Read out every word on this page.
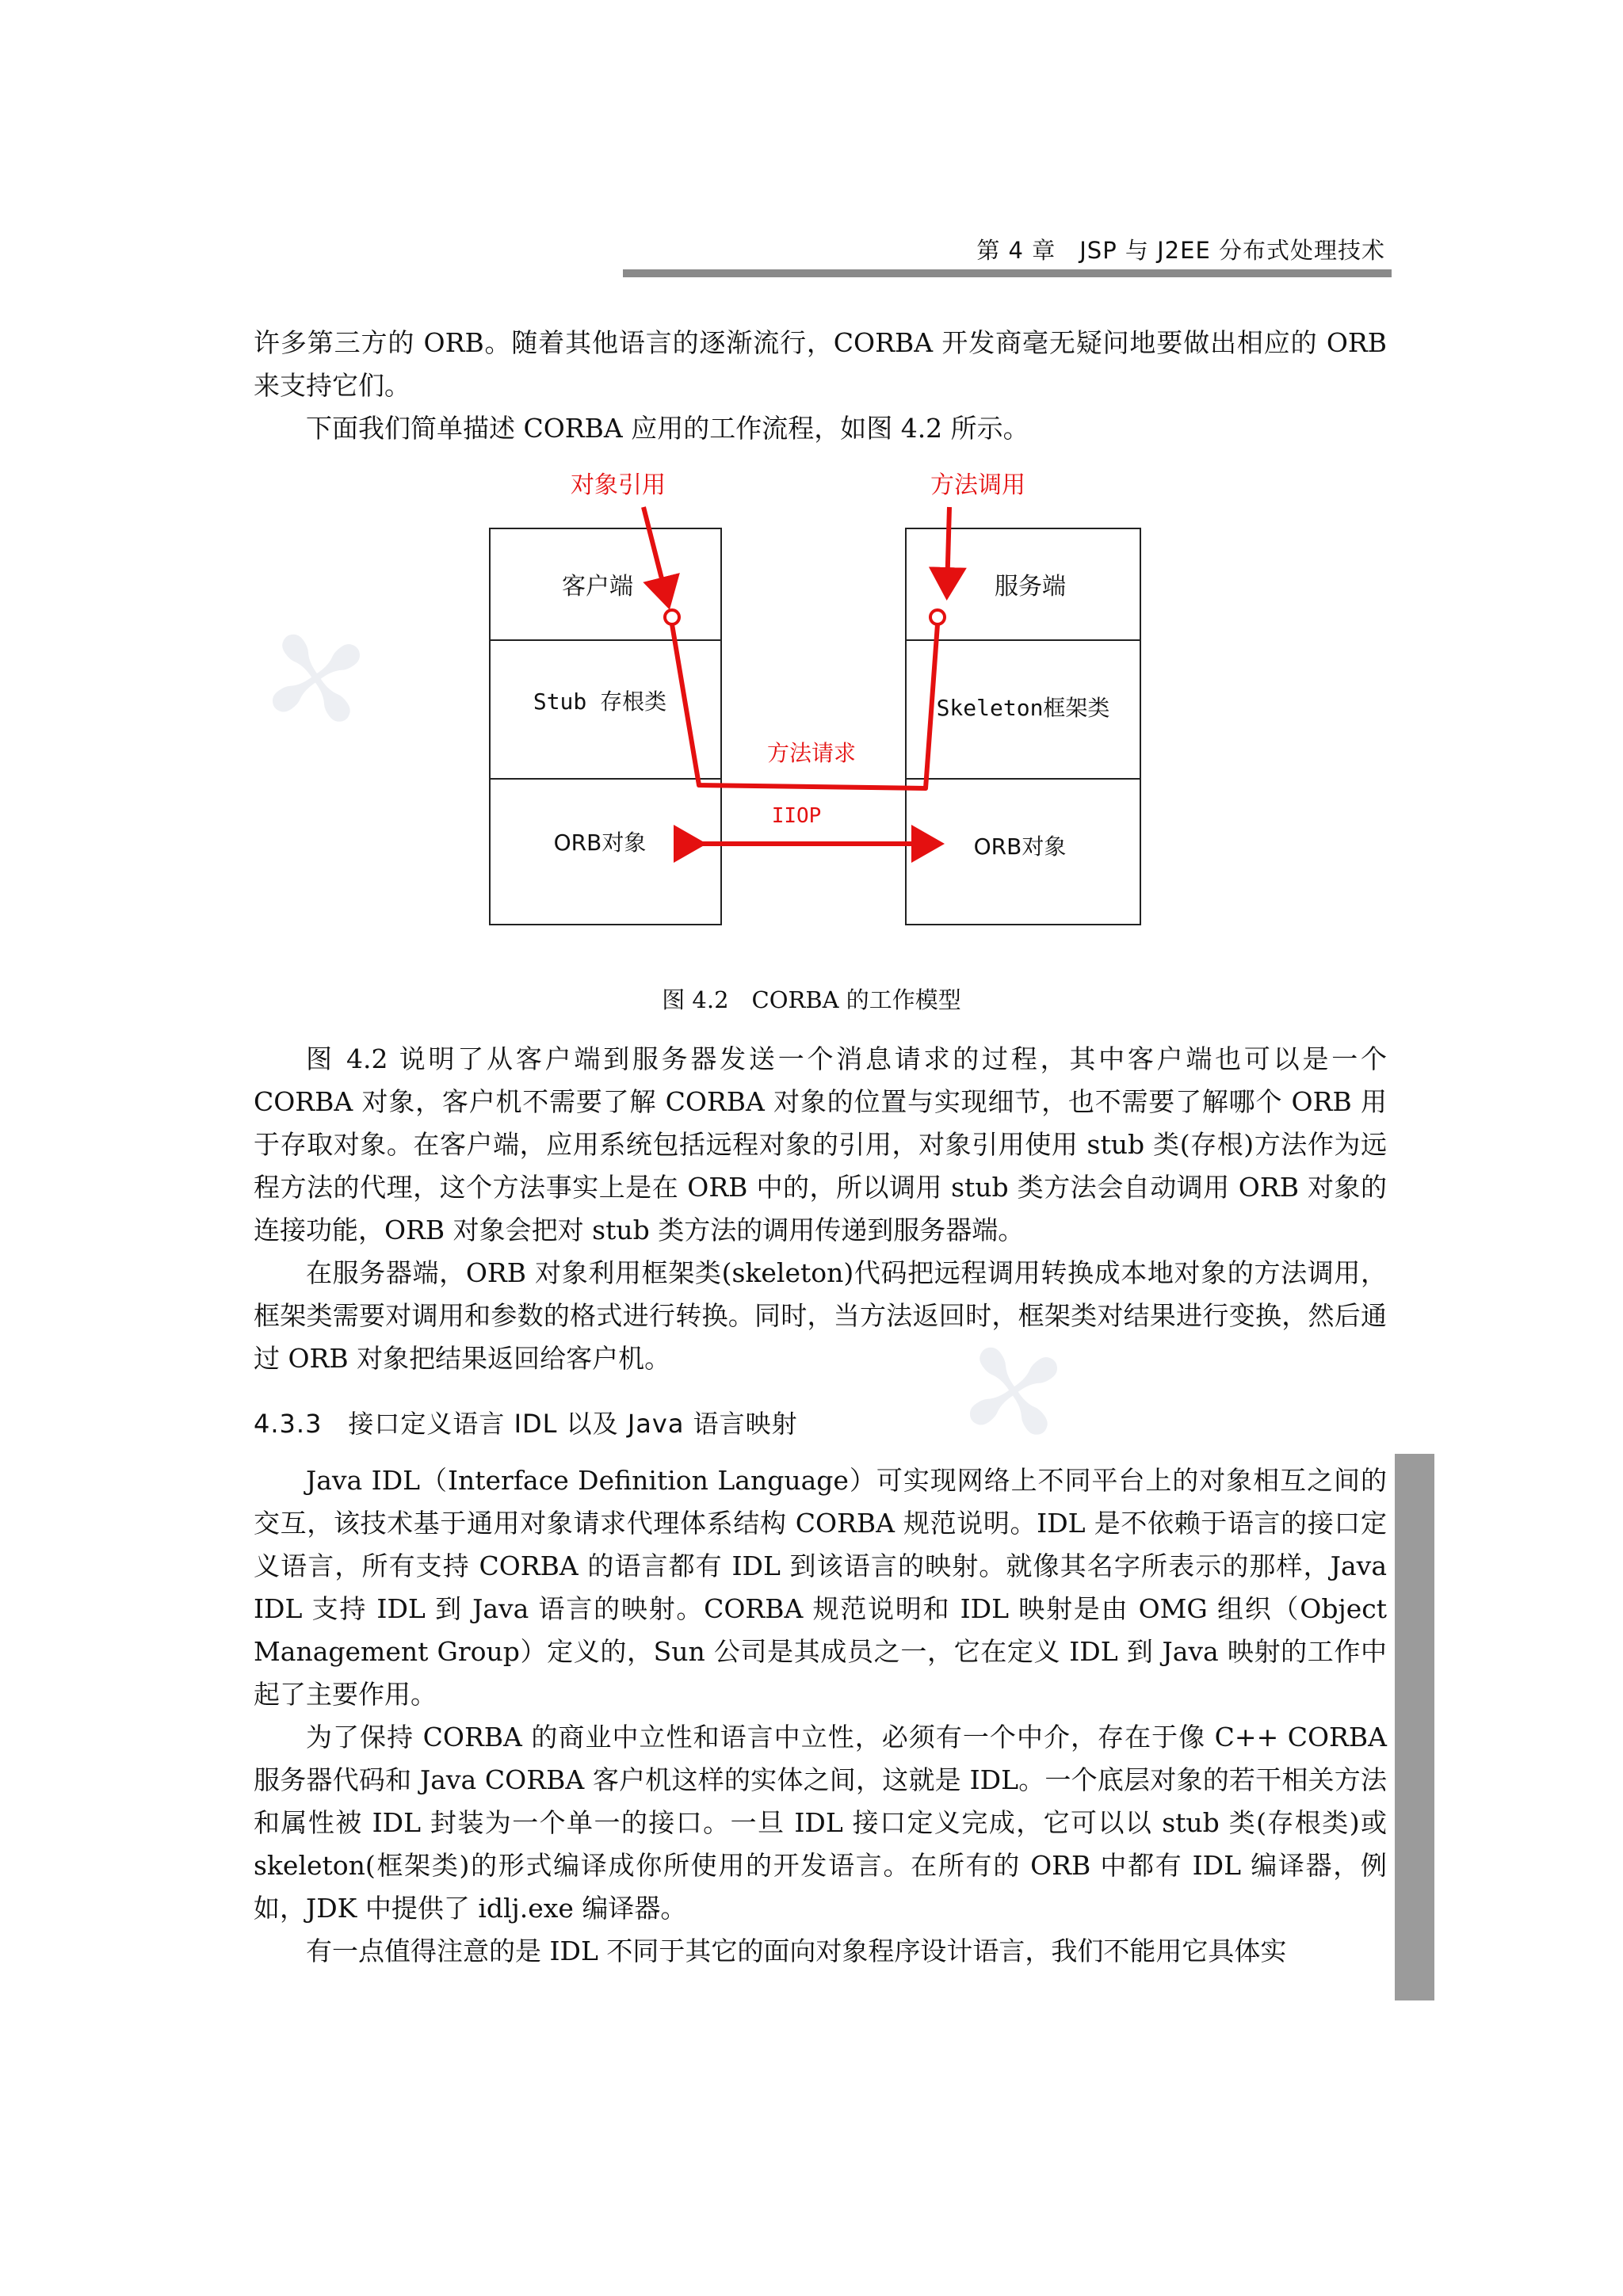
✢
✢
第 4 章　JSP 与 J2EE 分布式处理技术

许多第三方的 ORB。随着其他语言的逐渐流行，CORBA 开发商毫无疑问地要做出相应的 ORB 来支持它们。

下面我们简单描述 CORBA 应用的工作流程，如图 4.2 所示。

客户端
Stub 存根类
ORB对象
服务端
Skeleton框架类
ORB对象
对象引用	方法调用
方法请求
IIOP
图 4.2　CORBA 的工作模型

图 4.2 说明了从客户端到服务器发送一个消息请求的过程，其中客户端也可以是一个 CORBA 对象，客户机不需要了解 CORBA 对象的位置与实现细节，也不需要了解哪个 ORB 用于存取对象。在客户端，应用系统包括远程对象的引用，对象引用使用 stub 类(存根)方法作为远程方法的代理，这个方法事实上是在 ORB 中的，所以调用 stub 类方法会自动调用 ORB 对象的连接功能，ORB 对象会把对 stub 类方法的调用传递到服务器端。

在服务器端，ORB 对象利用框架类(skeleton)代码把远程调用转换成本地对象的方法调用，框架类需要对调用和参数的格式进行转换。同时，当方法返回时，框架类对结果进行变换，然后通过 ORB 对象把结果返回给客户机。

4.3.3　接口定义语言 IDL 以及 Java 语言映射

Java IDL（Interface Definition Language）可实现网络上不同平台上的对象相互之间的交互，该技术基于通用对象请求代理体系结构 CORBA 规范说明。IDL 是不依赖于语言的接口定义语言，所有支持 CORBA 的语言都有 IDL 到该语言的映射。就像其名字所表示的那样，Java IDL 支持 IDL 到 Java 语言的映射。CORBA 规范说明和 IDL 映射是由 OMG 组织（Object Management Group）定义的，Sun 公司是其成员之一，它在定义 IDL 到 Java 映射的工作中起了主要作用。

为了保持 CORBA 的商业中立性和语言中立性，必须有一个中介，存在于像 C++ CORBA 服务器代码和 Java CORBA 客户机这样的实体之间，这就是 IDL。一个底层对象的若干相关方法和属性被 IDL 封装为一个单一的接口。一旦 IDL 接口定义完成，它可以以 stub 类(存根类)或 skeleton(框架类)的形式编译成你所使用的开发语言。在所有的 ORB 中都有 IDL 编译器，例如，JDK 中提供了 idlj.exe 编译器。

有一点值得注意的是 IDL 不同于其它的面向对象程序设计语言，我们不能用它具体实
